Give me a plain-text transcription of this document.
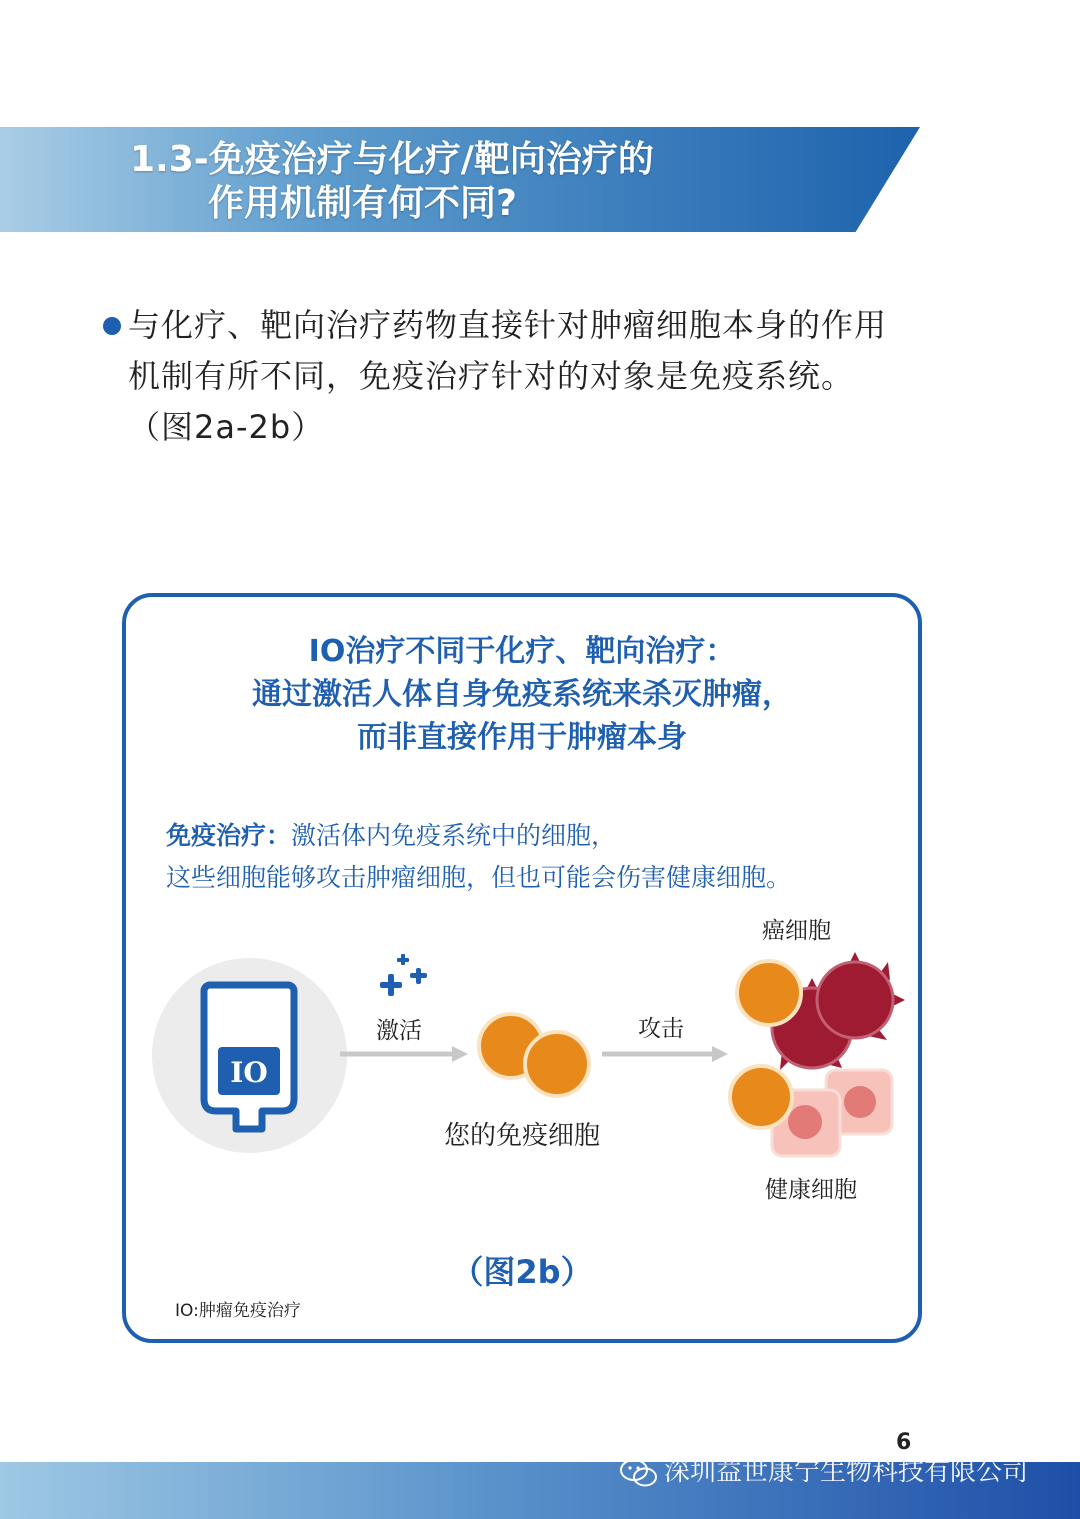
1.3-免疫治疗与化疗/靶向治疗的
作用机制有何不同?
与化疗、靶向治疗药物直接针对肿瘤细胞本身的作用
机制有所不同，免疫治疗针对的对象是免疫系统。
（图2a-2b）
IO治疗不同于化疗、靶向治疗：
通过激活人体自身免疫系统来杀灭肿瘤，
而非直接作用于肿瘤本身
免疫治疗：激活体内免疫系统中的细胞，
这些细胞能够攻击肿瘤细胞，但也可能会伤害健康细胞。
IO
激活	攻击
您的免疫细胞
癌细胞
健康细胞
（图2b）
IO:肿瘤免疫治疗
6
深圳益世康宁生物科技有限公司
